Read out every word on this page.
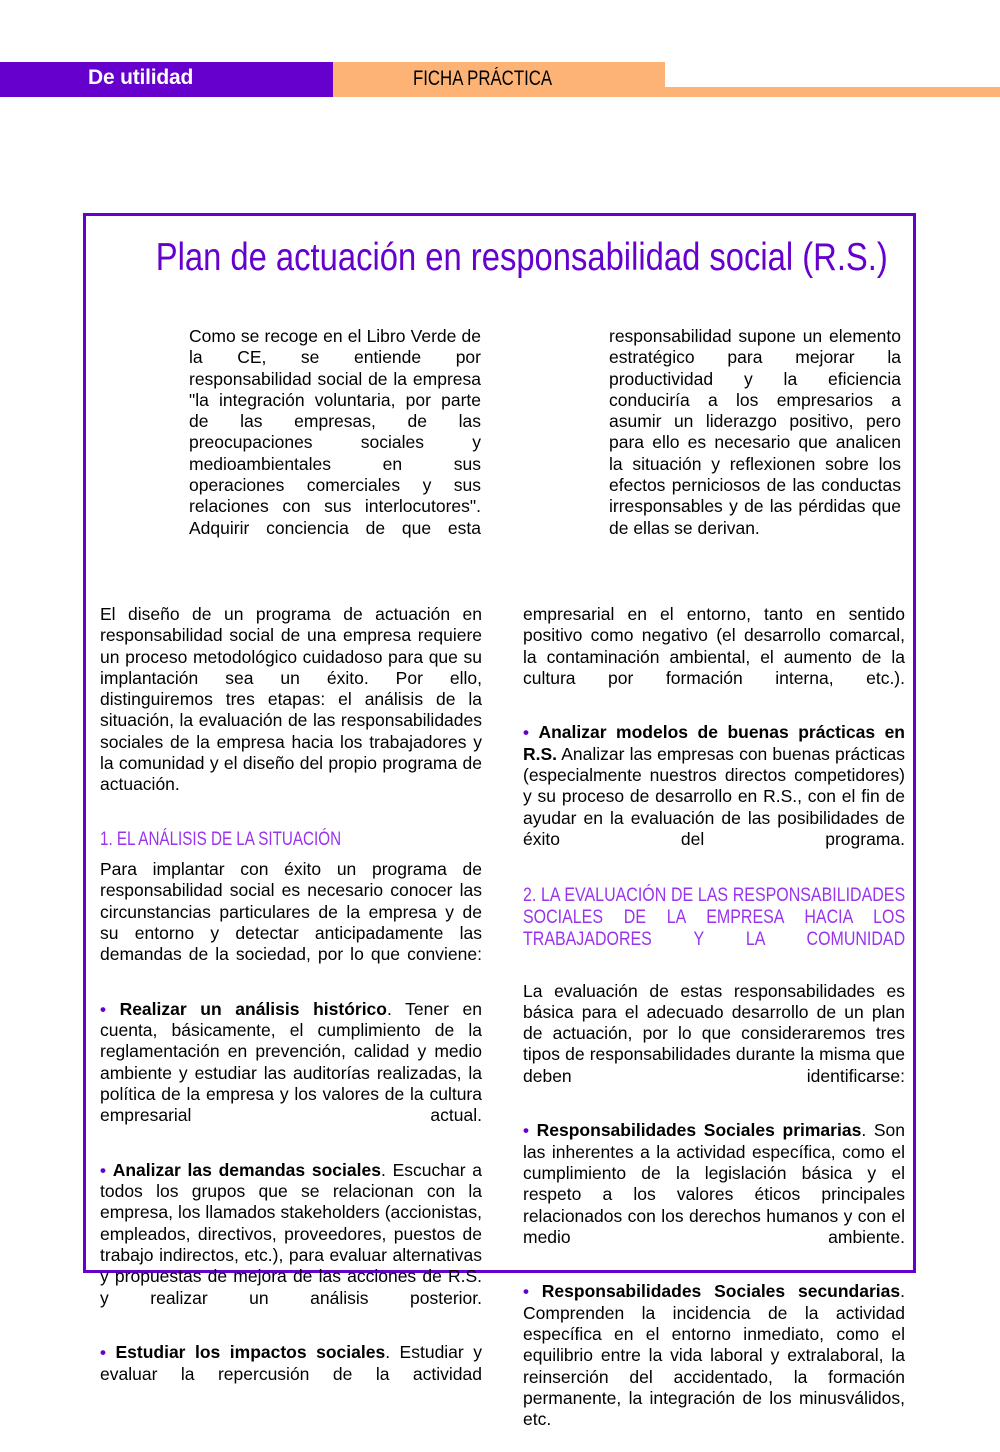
De utilidad	FICHA PRÁCTICA
Plan de actuación en responsabilidad social (R.S.)

Como se recoge en el Libro Verde de la CE, se entiende por responsabilidad social de la empresa "la integración voluntaria, por parte de las empresas, de las preocupaciones sociales y medioambientales en sus operaciones comerciales y sus relaciones con sus interlocutores". Adquirir conciencia de que esta

responsabilidad supone un elemento estratégico para mejorar la productividad y la eficiencia conduciría a los empresarios a asumir un liderazgo positivo, pero para ello es necesario que analicen la situación y reflexionen sobre los efectos perniciosos de las conductas irresponsables y de las pérdidas que de ellas se derivan.

El diseño de un programa de actuación en responsabilidad social de una empresa requiere un proceso metodológico cuidadoso para que su implantación sea un éxito. Por ello, distinguiremos tres etapas: el análisis de la situación, la evaluación de las responsabilidades sociales de la empresa hacia los trabajadores y la comunidad y el diseño del propio programa de actuación.

1. EL ANÁLISIS DE LA SITUACIÓN

Para implantar con éxito un programa de responsabilidad social es necesario conocer las circunstancias particulares de la empresa y de su entorno y detectar anticipadamente las demandas de la sociedad, por lo que conviene:

• Realizar un análisis histórico. Tener en cuenta, básicamente, el cumplimiento de la reglamentación en prevención, calidad y medio ambiente y estudiar las auditorías realizadas, la política de la empresa y los valores de la cultura empresarial actual.

• Analizar las demandas sociales. Escuchar a todos los grupos que se relacionan con la empresa, los llamados stakeholders (accionistas, empleados, directivos, proveedores, puestos de trabajo indirectos, etc.), para evaluar alternativas y propuestas de mejora de las acciones de R.S. y realizar un análisis posterior.

• Estudiar los impactos sociales. Estudiar y evaluar la repercusión de la actividad

empresarial en el entorno, tanto en sentido positivo como negativo (el desarrollo comarcal, la contaminación ambiental, el aumento de la cultura por formación interna, etc.).

• Analizar modelos de buenas prácticas en R.S. Analizar las empresas con buenas prácticas (especialmente nuestros directos competidores) y su proceso de desarrollo en R.S., con el fin de ayudar en la evaluación de las posibilidades de éxito del programa.

2. LA EVALUACIÓN DE LAS RESPONSABILIDADES SOCIALES DE LA EMPRESA HACIA LOS TRABAJADORES Y LA COMUNIDAD

La evaluación de estas responsabilidades es básica para el adecuado desarrollo de un plan de actuación, por lo que consideraremos tres tipos de responsabilidades durante la misma que deben identificarse:

• Responsabilidades Sociales primarias. Son las inherentes a la actividad específica, como el cumplimiento de la legislación básica y el respeto a los valores éticos principales relacionados con los derechos humanos y con el medio ambiente.

• Responsabilidades Sociales secundarias. Comprenden la incidencia de la actividad específica en el entorno inmediato, como el equilibrio entre la vida laboral y extralaboral, la reinserción del accidentado, la formación permanente, la integración de los minusválidos, etc.
